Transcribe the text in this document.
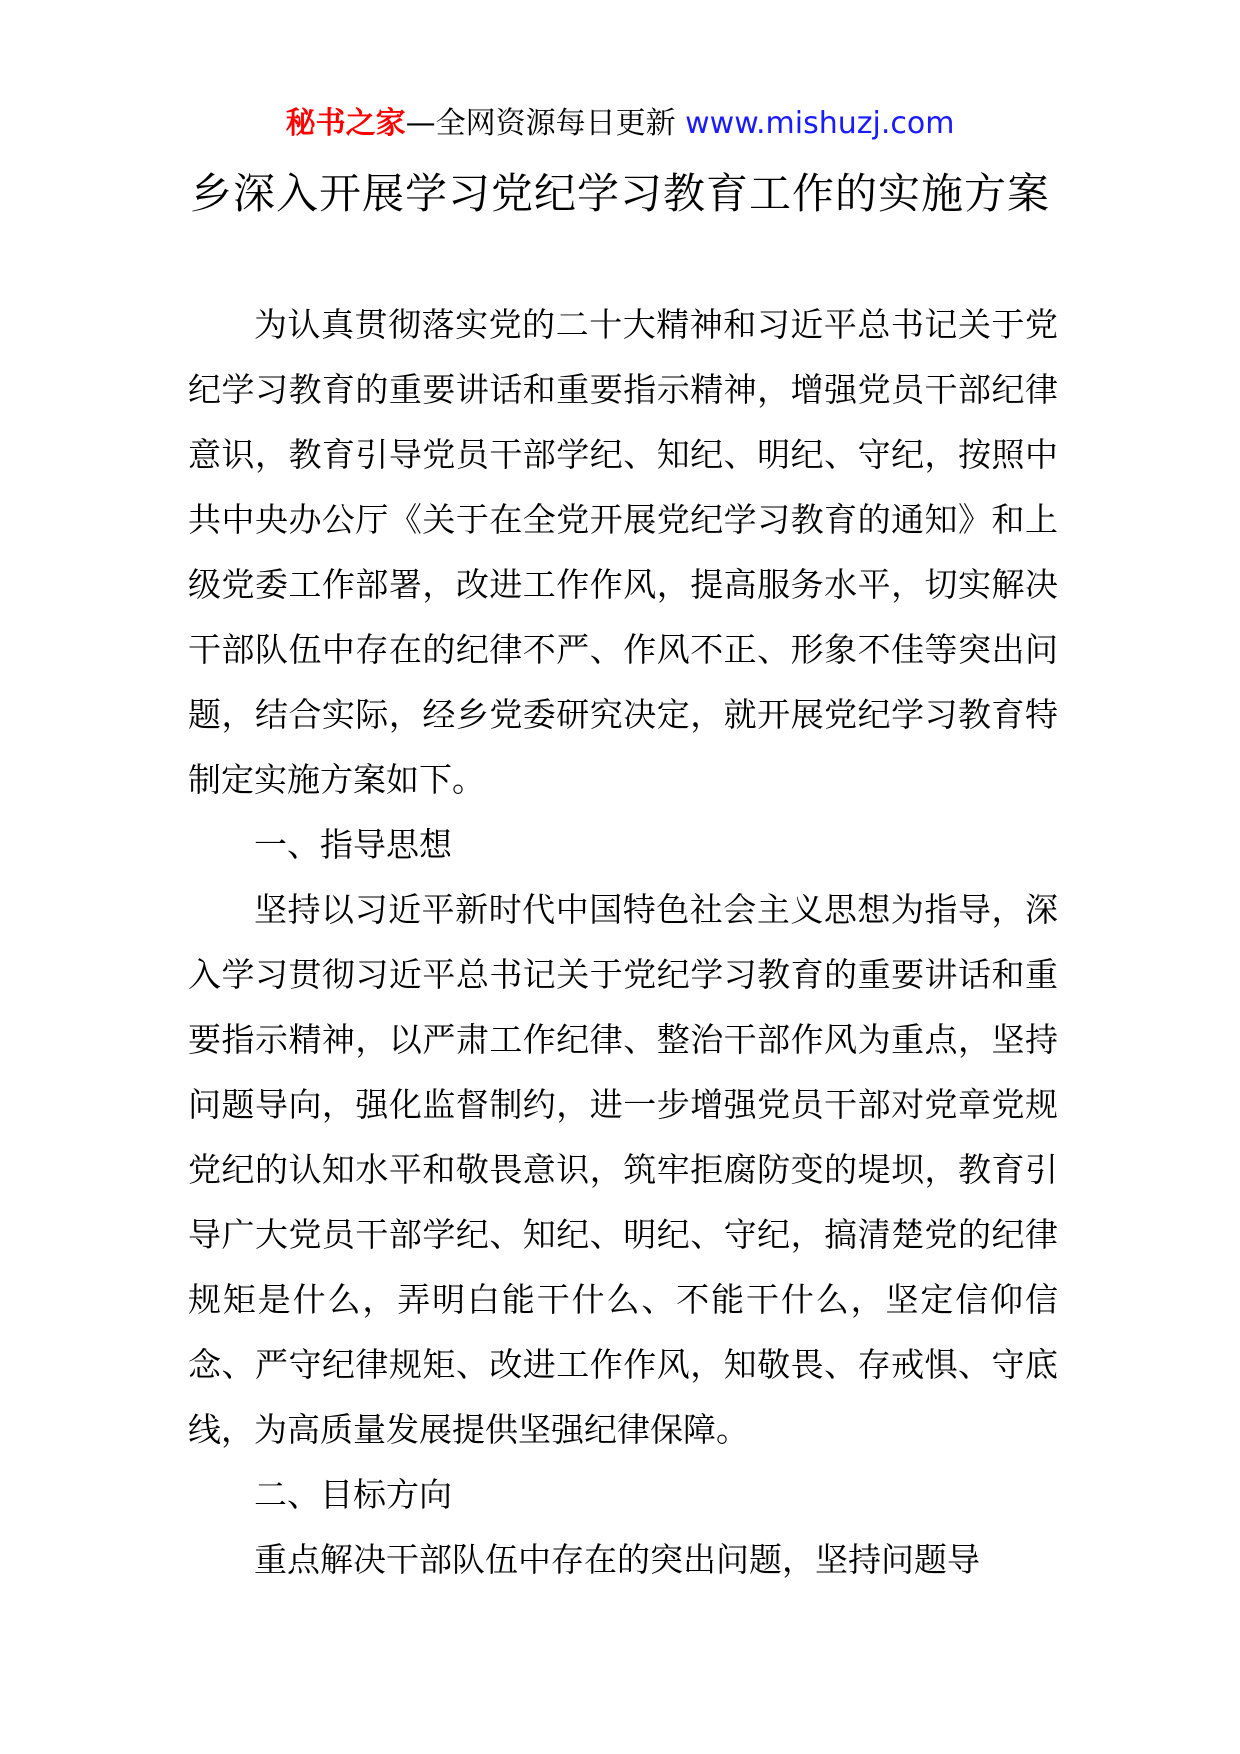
秘书之家—全网资源每日更新 www.mishuzj.com
乡深入开展学习党纪学习教育工作的实施方案

为认真贯彻落实党的二十大精神和习近平总书记关于党纪学习教育的重要讲话和重要指示精神，增强党员干部纪律意识，教育引导党员干部学纪、知纪、明纪、守纪，按照中共中央办公厅《关于在全党开展党纪学习教育的通知》和上级党委工作部署，改进工作作风，提高服务水平，切实解决干部队伍中存在的纪律不严、作风不正、形象不佳等突出问题，结合实际，经乡党委研究决定，就开展党纪学习教育特制定实施方案如下。

一、指导思想

坚持以习近平新时代中国特色社会主义思想为指导，深入学习贯彻习近平总书记关于党纪学习教育的重要讲话和重要指示精神，以严肃工作纪律、整治干部作风为重点，坚持问题导向，强化监督制约，进一步增强党员干部对党章党规党纪的认知水平和敬畏意识，筑牢拒腐防变的堤坝，教育引导广大党员干部学纪、知纪、明纪、守纪，搞清楚党的纪律规矩是什么，弄明白能干什么、不能干什么，坚定信仰信念、严守纪律规矩、改进工作作风，知敬畏、存戒惧、守底线，为高质量发展提供坚强纪律保障。

二、目标方向

重点解决干部队伍中存在的突出问题，坚持问题导
